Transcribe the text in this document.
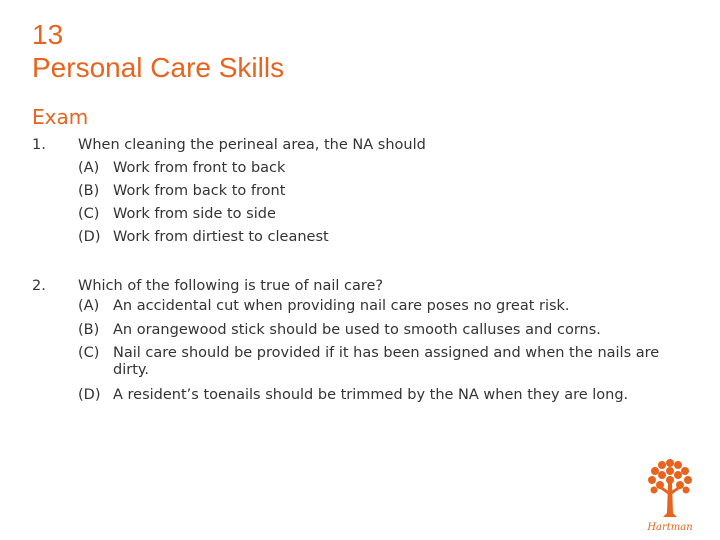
13
Personal Care Skills
Exam
1. When cleaning the perineal area, the NA should
(A) Work from front to back
(B) Work from back to front
(C) Work from side to side
(D) Work from dirtiest to cleanest
2. Which of the following is true of nail care?
(A) An accidental cut when providing nail care poses no great risk.
(B) An orangewood stick should be used to smooth calluses and corns.
(C) Nail care should be provided if it has been assigned and when the nails are dirty.
(D) A resident’s toenails should be trimmed by the NA when they are long.
Hartman
